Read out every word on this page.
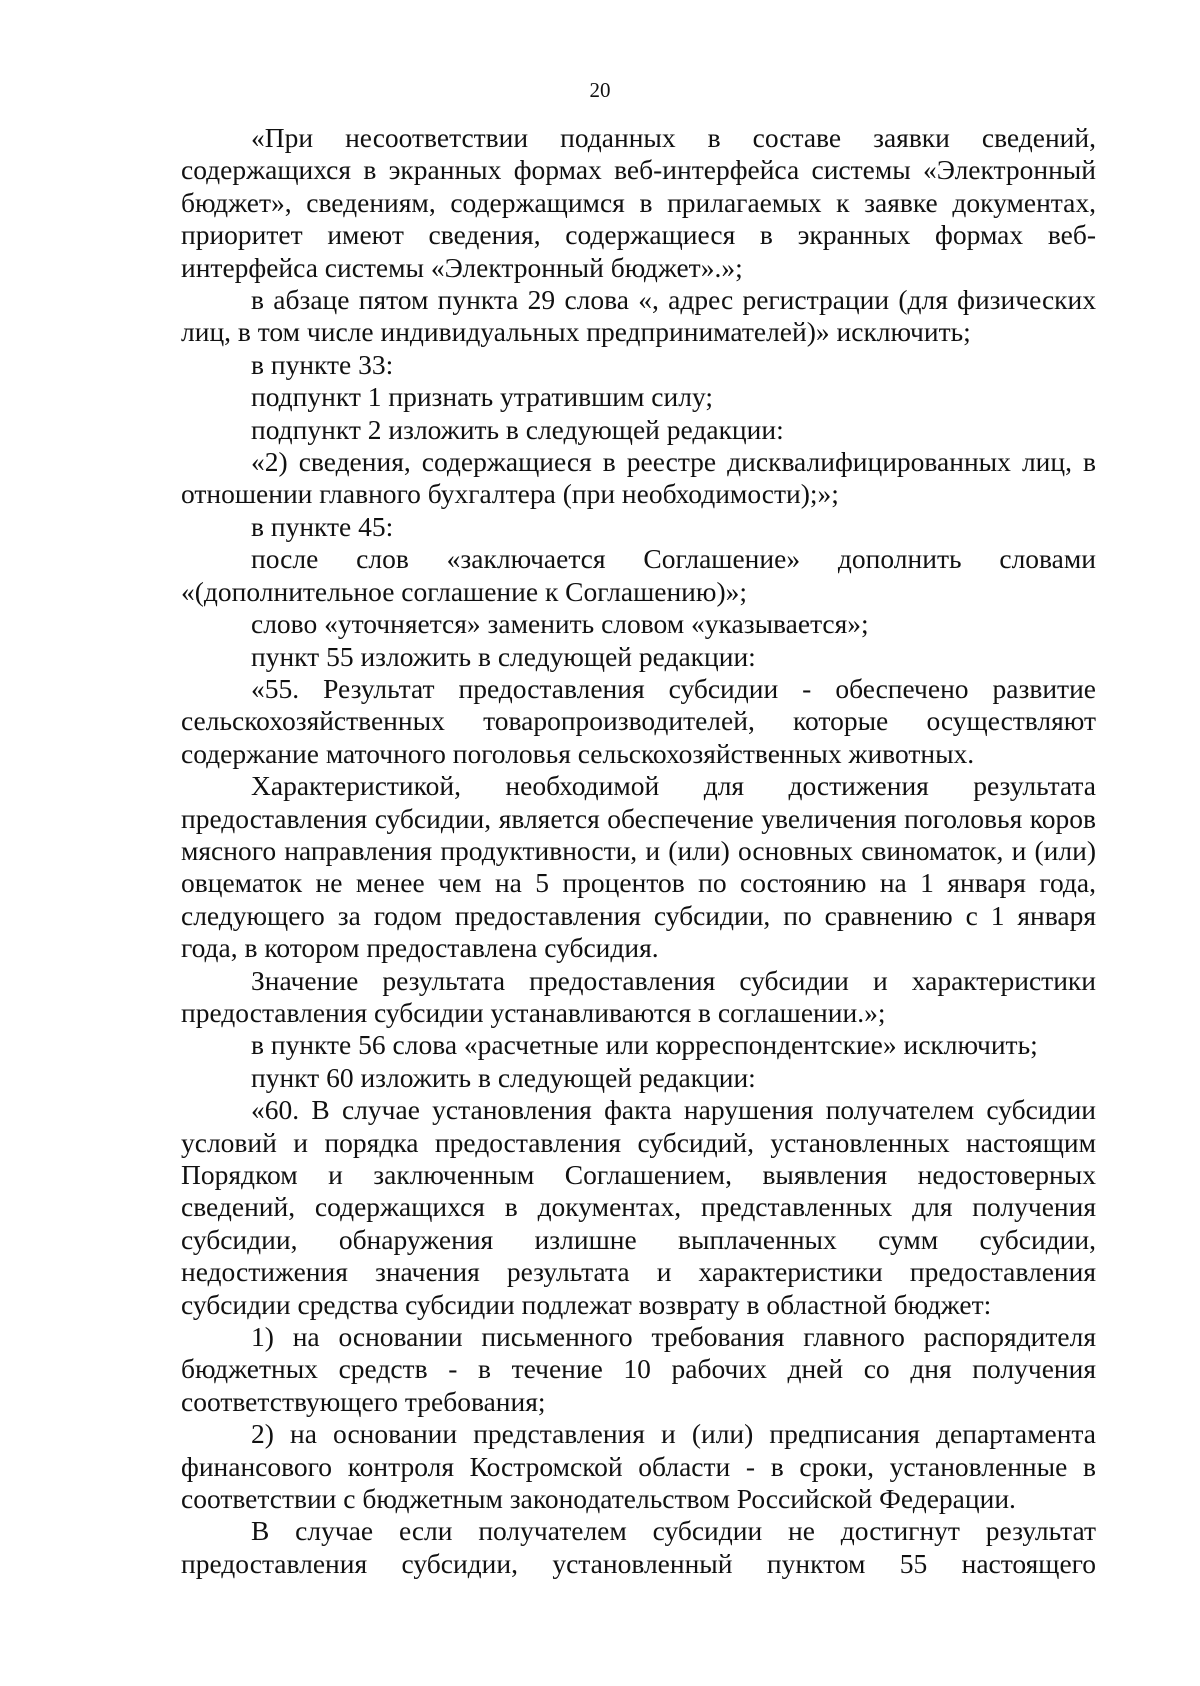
20

«При несоответствии поданных в составе заявки сведений, содержащихся в экранных формах веб-интерфейса системы «Электронный бюджет», сведениям, содержащимся в прилагаемых к заявке документах, приоритет имеют сведения, содержащиеся в экранных формах веб-интерфейса системы «Электронный бюджет».»;

в абзаце пятом пункта 29 слова «, адрес регистрации (для физических лиц, в том числе индивидуальных предпринимателей)» исключить;

в пункте 33:

подпункт 1 признать утратившим силу;

подпункт 2 изложить в следующей редакции:

«2) сведения, содержащиеся в реестре дисквалифицированных лиц, в отношении главного бухгалтера (при необходимости);»;

в пункте 45:

после слов «заключается Соглашение» дополнить словами «(дополнительное соглашение к Соглашению)»;

слово «уточняется» заменить словом «указывается»;

пункт 55 изложить в следующей редакции:

«55. Результат предоставления субсидии - обеспечено развитие сельскохозяйственных товаропроизводителей, которые осуществляют содержание маточного поголовья сельскохозяйственных животных.

Характеристикой, необходимой для достижения результата предоставления субсидии, является обеспечение увеличения поголовья коров мясного направления продуктивности, и (или) основных свиноматок, и (или) овцематок не менее чем на 5 процентов по состоянию на 1 января года, следующего за годом предоставления субсидии, по сравнению с 1 января года, в котором предоставлена субсидия.

Значение результата предоставления субсидии и характеристики предоставления субсидии устанавливаются в соглашении.»;

в пункте 56 слова «расчетные или корреспондентские» исключить;

пункт 60 изложить в следующей редакции:

«60. В случае установления факта нарушения получателем субсидии условий и порядка предоставления субсидий, установленных настоящим Порядком и заключенным Соглашением, выявления недостоверных сведений, содержащихся в документах, представленных для получения субсидии, обнаружения излишне выплаченных сумм субсидии, недостижения значения результата и характеристики предоставления субсидии средства субсидии подлежат возврату в областной бюджет:

1) на основании письменного требования главного распорядителя бюджетных средств - в течение 10 рабочих дней со дня получения соответствующего требования;

2) на основании представления и (или) предписания департамента финансового контроля Костромской области - в сроки, установленные в соответствии с бюджетным законодательством Российской Федерации.

В случае если получателем субсидии не достигнут результат предоставления субсидии, установленный пунктом 55 настоящего
